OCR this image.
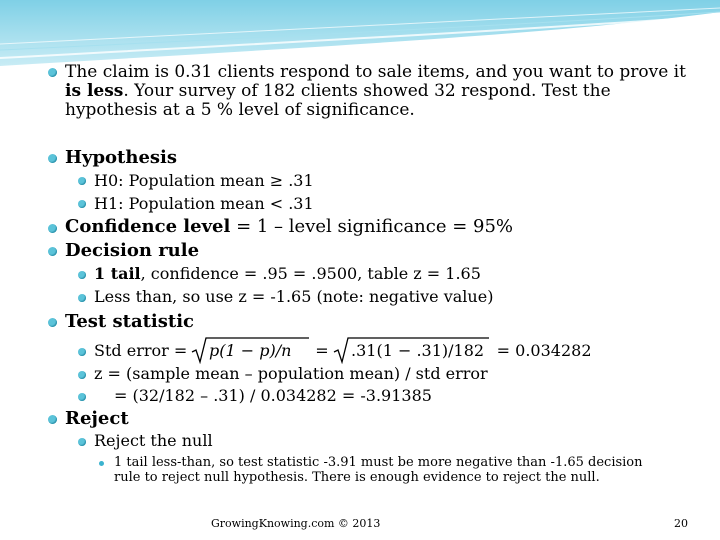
The claim is 0.31 clients respond to sale items, and you want to prove it
is less. Your survey of 182 clients showed 32 respond. Test the
hypothesis at a 5 % level of significance.
Hypothesis
H0: Population mean ≥ .31
H1: Population mean < .31
Confidence level = 1 – level significance = 95%
Decision rule
1 tail, confidence = .95 = .9500, table z = 1.65
Less than, so use z = -1.65 (note: negative value)
Test statistic
Std error = p(1 − p)/n = .31(1 − .31)/182 = 0.034282
z = (sample mean – population mean) / std error
= (32/182 – .31) / 0.034282 = -3.91385
Reject
Reject the null
1 tail less-than, so test statistic -3.91 must be more negative than -1.65 decision
rule to reject null hypothesis. There is enough evidence to reject the null.
GrowingKnowing.com © 2013	20
